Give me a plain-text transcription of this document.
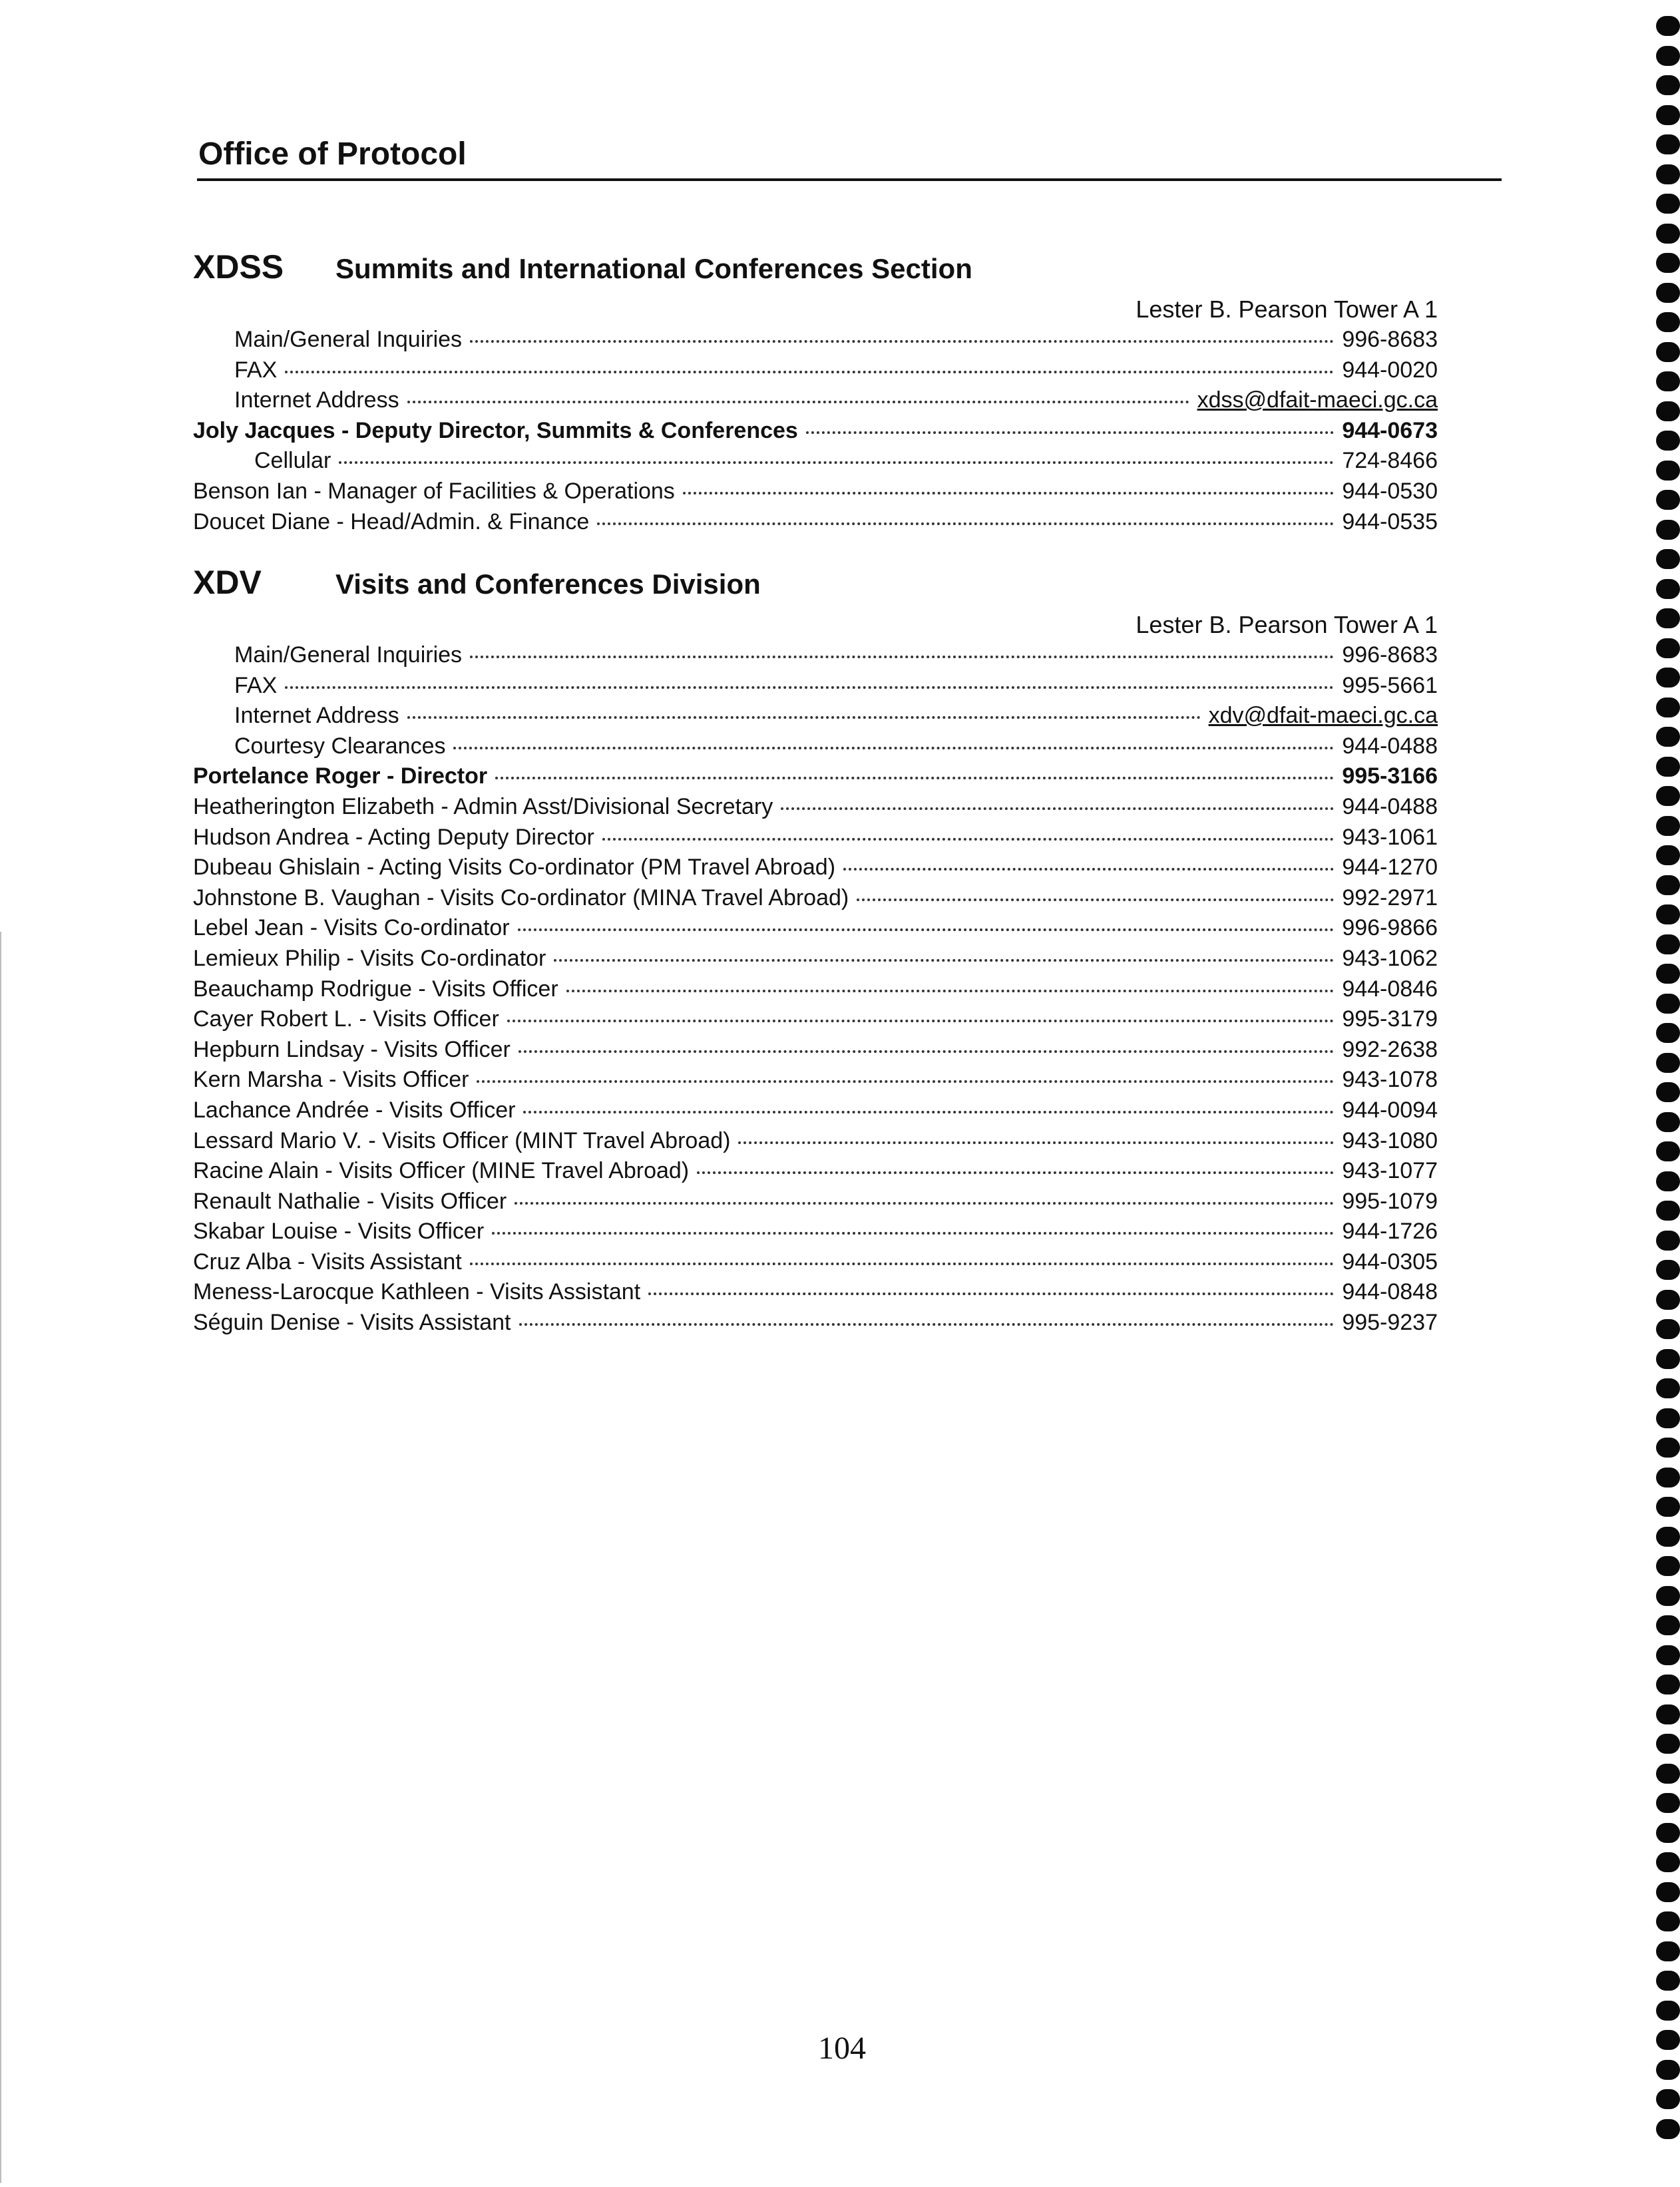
Office of Protocol
XDSS Summits and International Conferences Section
Lester B. Pearson Tower A 1
Main/General Inquiries	996-8683
FAX	944-0020
Internet Address	xdss@dfait-maeci.gc.ca
Joly Jacques - Deputy Director, Summits & Conferences	944-0673
Cellular	724-8466
Benson Ian - Manager of Facilities & Operations	944-0530
Doucet Diane - Head/Admin. & Finance	944-0535
XDV	Visits and Conferences Division
Lester B. Pearson Tower A 1
Main/General Inquiries	996-8683
FAX	995-5661
Internet Address	xdv@dfait-maeci.gc.ca
Courtesy Clearances	944-0488
Portelance Roger - Director	995-3166
Heatherington Elizabeth - Admin Asst/Divisional Secretary	944-0488
Hudson Andrea - Acting Deputy Director	943-1061
Dubeau Ghislain - Acting Visits Co-ordinator (PM Travel Abroad)	944-1270
Johnstone B. Vaughan - Visits Co-ordinator (MINA Travel Abroad)	992-2971
Lebel Jean - Visits Co-ordinator	996-9866
Lemieux Philip - Visits Co-ordinator	943-1062
Beauchamp Rodrigue - Visits Officer	944-0846
Cayer Robert L. - Visits Officer	995-3179
Hepburn Lindsay - Visits Officer	992-2638
Kern Marsha - Visits Officer	943-1078
Lachance Andrée - Visits Officer	944-0094
Lessard Mario V. - Visits Officer (MINT Travel Abroad)	943-1080
Racine Alain - Visits Officer (MINE Travel Abroad)	943-1077
Renault Nathalie - Visits Officer	995-1079
Skabar Louise - Visits Officer	944-1726
Cruz Alba - Visits Assistant	944-0305
Meness-Larocque Kathleen - Visits Assistant	944-0848
Séguin Denise - Visits Assistant	995-9237
104
